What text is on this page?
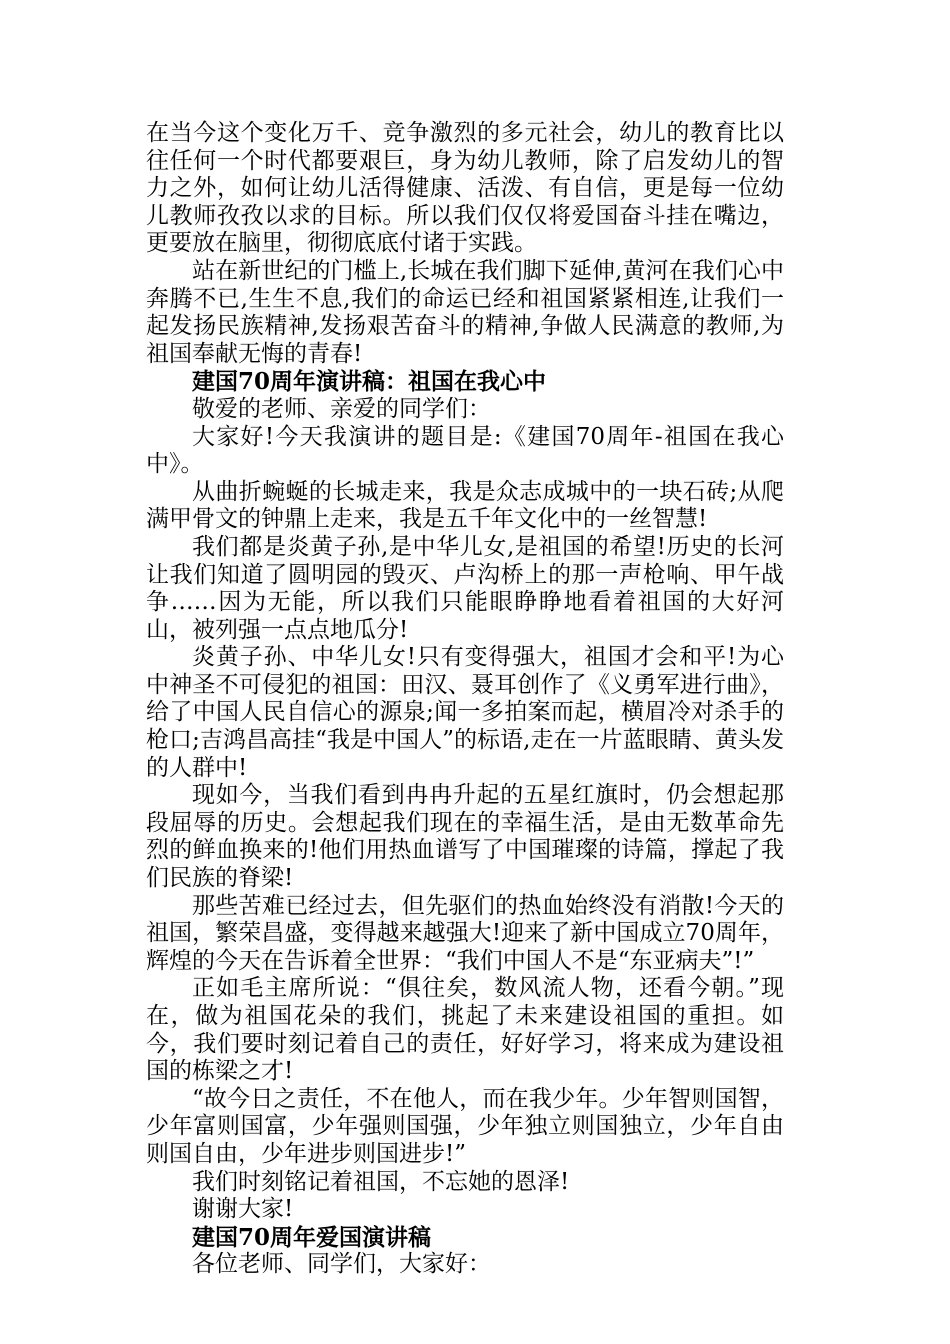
在当今这个变化万千、竞争激烈的多元社会，幼儿的教育比以往任何一个时代都要艰巨，身为幼儿教师，除了启发幼儿的智力之外，如何让幼儿活得健康、活泼、有自信，更是每一位幼儿教师孜孜以求的目标。所以我们仅仅将爱国奋斗挂在嘴边，更要放在脑里，彻彻底底付诸于实践。

站在新世纪的门槛上,长城在我们脚下延伸,黄河在我们心中奔腾不已,生生不息,我们的命运已经和祖国紧紧相连,让我们一起发扬民族精神,发扬艰苦奋斗的精神,争做人民满意的教师,为祖国奉献无悔的青春!

建国70周年演讲稿：祖国在我心中

敬爱的老师、亲爱的同学们：

大家好!今天我演讲的题目是:《建国70周年-祖国在我心中》。

从曲折蜿蜒的长城走来，我是众志成城中的一块石砖;从爬满甲骨文的钟鼎上走来，我是五千年文化中的一丝智慧!

我们都是炎黄子孙,是中华儿女,是祖国的希望!历史的长河让我们知道了圆明园的毁灭、卢沟桥上的那一声枪响、甲午战争……因为无能，所以我们只能眼睁睁地看着祖国的大好河山，被列强一点点地瓜分!

炎黄子孙、中华儿女!只有变得强大，祖国才会和平!为心中神圣不可侵犯的祖国：田汉、聂耳创作了《义勇军进行曲》，给了中国人民自信心的源泉;闻一多拍案而起，横眉冷对杀手的枪口;吉鸿昌高挂“我是中国人”的标语,走在一片蓝眼睛、黄头发的人群中!

现如今，当我们看到冉冉升起的五星红旗时，仍会想起那段屈辱的历史。会想起我们现在的幸福生活，是由无数革命先烈的鲜血换来的!他们用热血谱写了中国璀璨的诗篇，撑起了我们民族的脊梁!

那些苦难已经过去，但先驱们的热血始终没有消散!今天的祖国，繁荣昌盛，变得越来越强大!迎来了新中国成立70周年，辉煌的今天在告诉着全世界：“我们中国人不是“东亚病夫”!”

正如毛主席所说：“俱往矣，数风流人物，还看今朝。”现在，做为祖国花朵的我们，挑起了未来建设祖国的重担。如今，我们要时刻记着自己的责任，好好学习，将来成为建设祖国的栋梁之才!

“故今日之责任，不在他人，而在我少年。少年智则国智，少年富则国富，少年强则国强，少年独立则国独立，少年自由则国自由，少年进步则国进步!”

我们时刻铭记着祖国，不忘她的恩泽!

谢谢大家!

建国70周年爱国演讲稿

各位老师、同学们，大家好：
